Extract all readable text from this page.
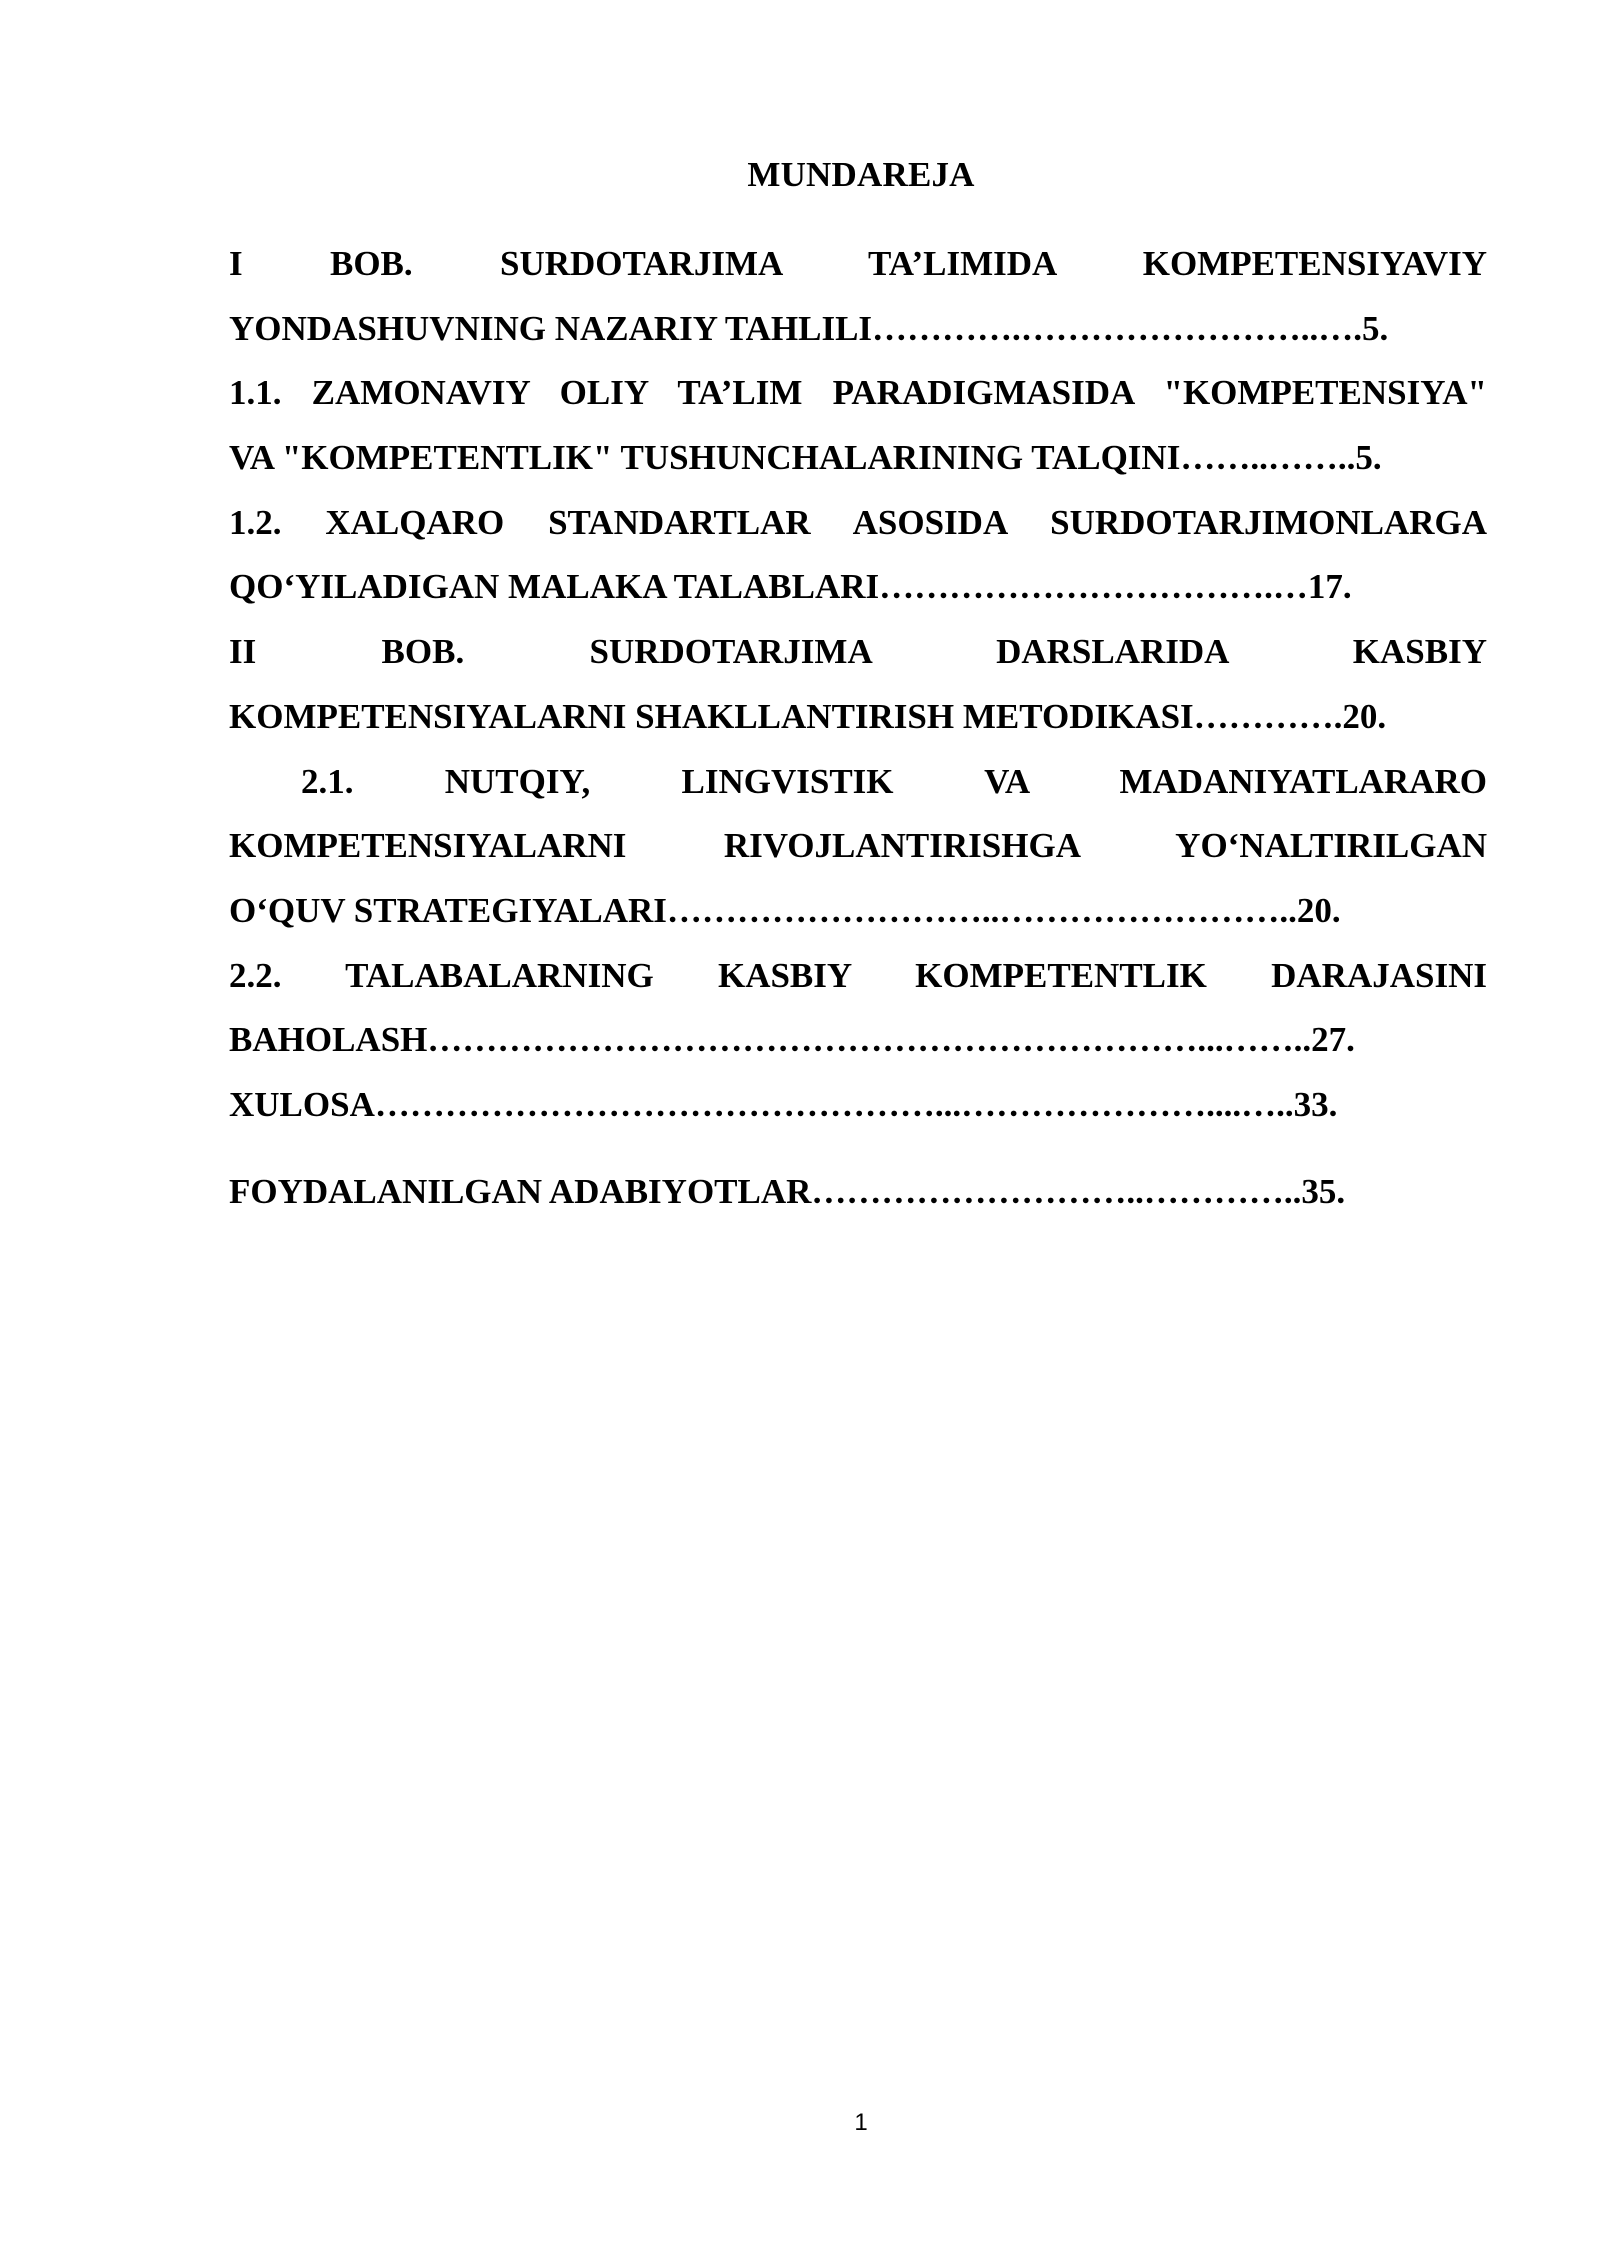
MUNDAREJA
I BOB. SURDOTARJIMA TA’LIMIDA KOMPETENSIYAVIY
YONDASHUVNING NAZARIY TAHLILI………….……………………..….5.
1.1. ZAMONAVIY OLIY TA’LIM PARADIGMASIDA "KOMPETENSIYA"
VA "KOMPETENTLIK" TUSHUNCHALARINING TALQINI……..……..5.
1.2. XALQARO STANDARTLAR ASOSIDA SURDOTARJIMONLARGA
QO‘YILADIGAN MALAKA TALABLARI…………………………….…17.
II BOB. SURDOTARJIMA DARSLARIDA KASBIY
KOMPETENSIYALARNI SHAKLLANTIRISH METODIKASI………….20.
2.1. NUTQIY, LINGVISTIK VA MADANIYATLARARO
KOMPETENSIYALARNI RIVOJLANTIRISHGA YO‘NALTIRILGAN
O‘QUV STRATEGIYALARI………………………..……………………..20.
2.2. TALABALARNING KASBIY KOMPETENTLIK DARAJASINI
BAHOLASH…………………………………………………………...……..27.
XULOSA…………………………………………...…………………....…..33.
FOYDALANILGAN ADABIYOTLAR………………………..…………..35.
1
